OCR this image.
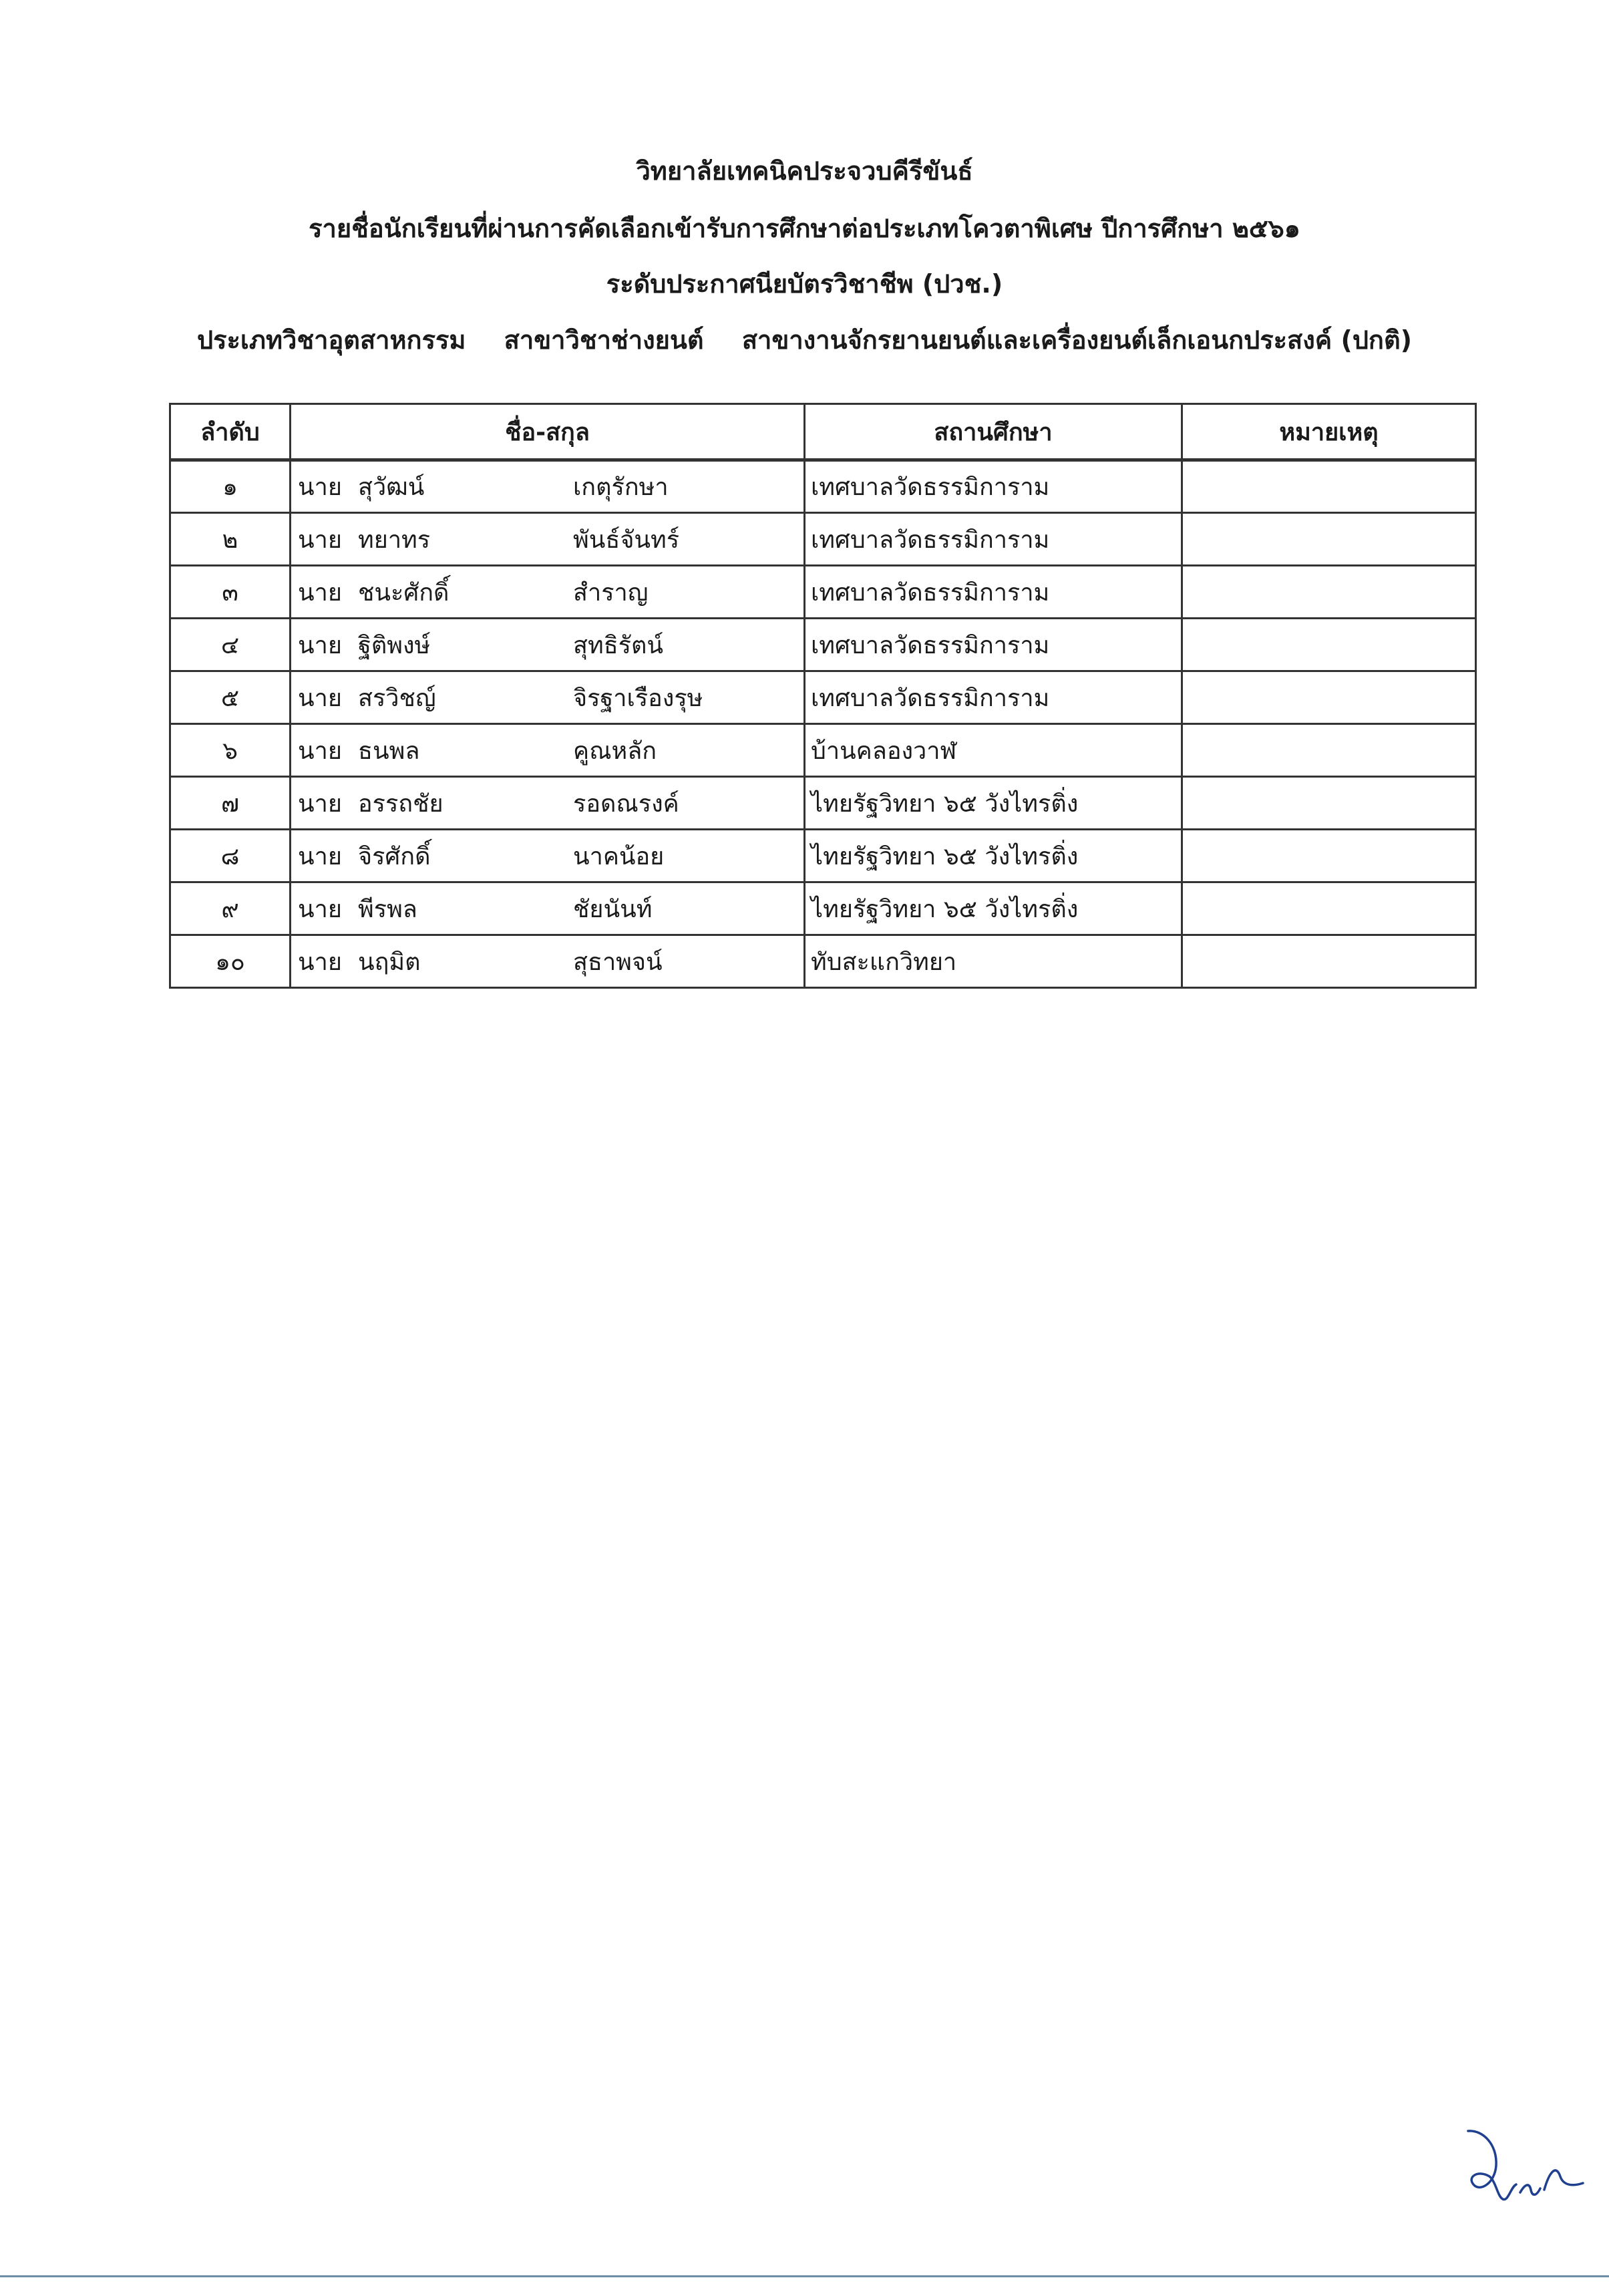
วิทยาลัยเทคนิคประจวบคีรีขันธ์
รายชื่อนักเรียนที่ผ่านการคัดเลือกเข้ารับการศึกษาต่อประเภทโควตาพิเศษ ปีการศึกษา ๒๕๖๑
ระดับประกาศนียบัตรวิชาชีพ (ปวช.)
ประเภทวิชาอุตสาหกรรม สาขาวิชาช่างยนต์ สาขางานจักรยานยนต์และเครื่องยนต์เล็กเอนกประสงค์ (ปกติ)
ลำดับ	ชื่อ-สกุล	สถานศึกษา	หมายเหตุ
๑	นาย สุวัฒน์ เกตุรักษา	เทศบาลวัดธรรมิการาม	
๒	นาย ทยาทร พันธ์จันทร์	เทศบาลวัดธรรมิการาม	
๓	นาย ชนะศักดิ์ สำราญ	เทศบาลวัดธรรมิการาม	
๔	นาย ฐิติพงษ์ สุทธิรัตน์	เทศบาลวัดธรรมิการาม	
๕	นาย สรวิชญ์ จิรฐาเรืองรุษ	เทศบาลวัดธรรมิการาม	
๖	นาย ธนพล คูณหลัก	บ้านคลองวาฬ	
๗	นาย อรรถชัย รอดณรงค์	ไทยรัฐวิทยา ๖๕ วังไทรติ่ง	
๘	นาย จิรศักดิ์ นาคน้อย	ไทยรัฐวิทยา ๖๕ วังไทรติ่ง	
๙	นาย พีรพล ชัยนันท์	ไทยรัฐวิทยา ๖๕ วังไทรติ่ง	
๑๐	นาย นฤมิต สุธาพจน์	ทับสะแกวิทยา	
